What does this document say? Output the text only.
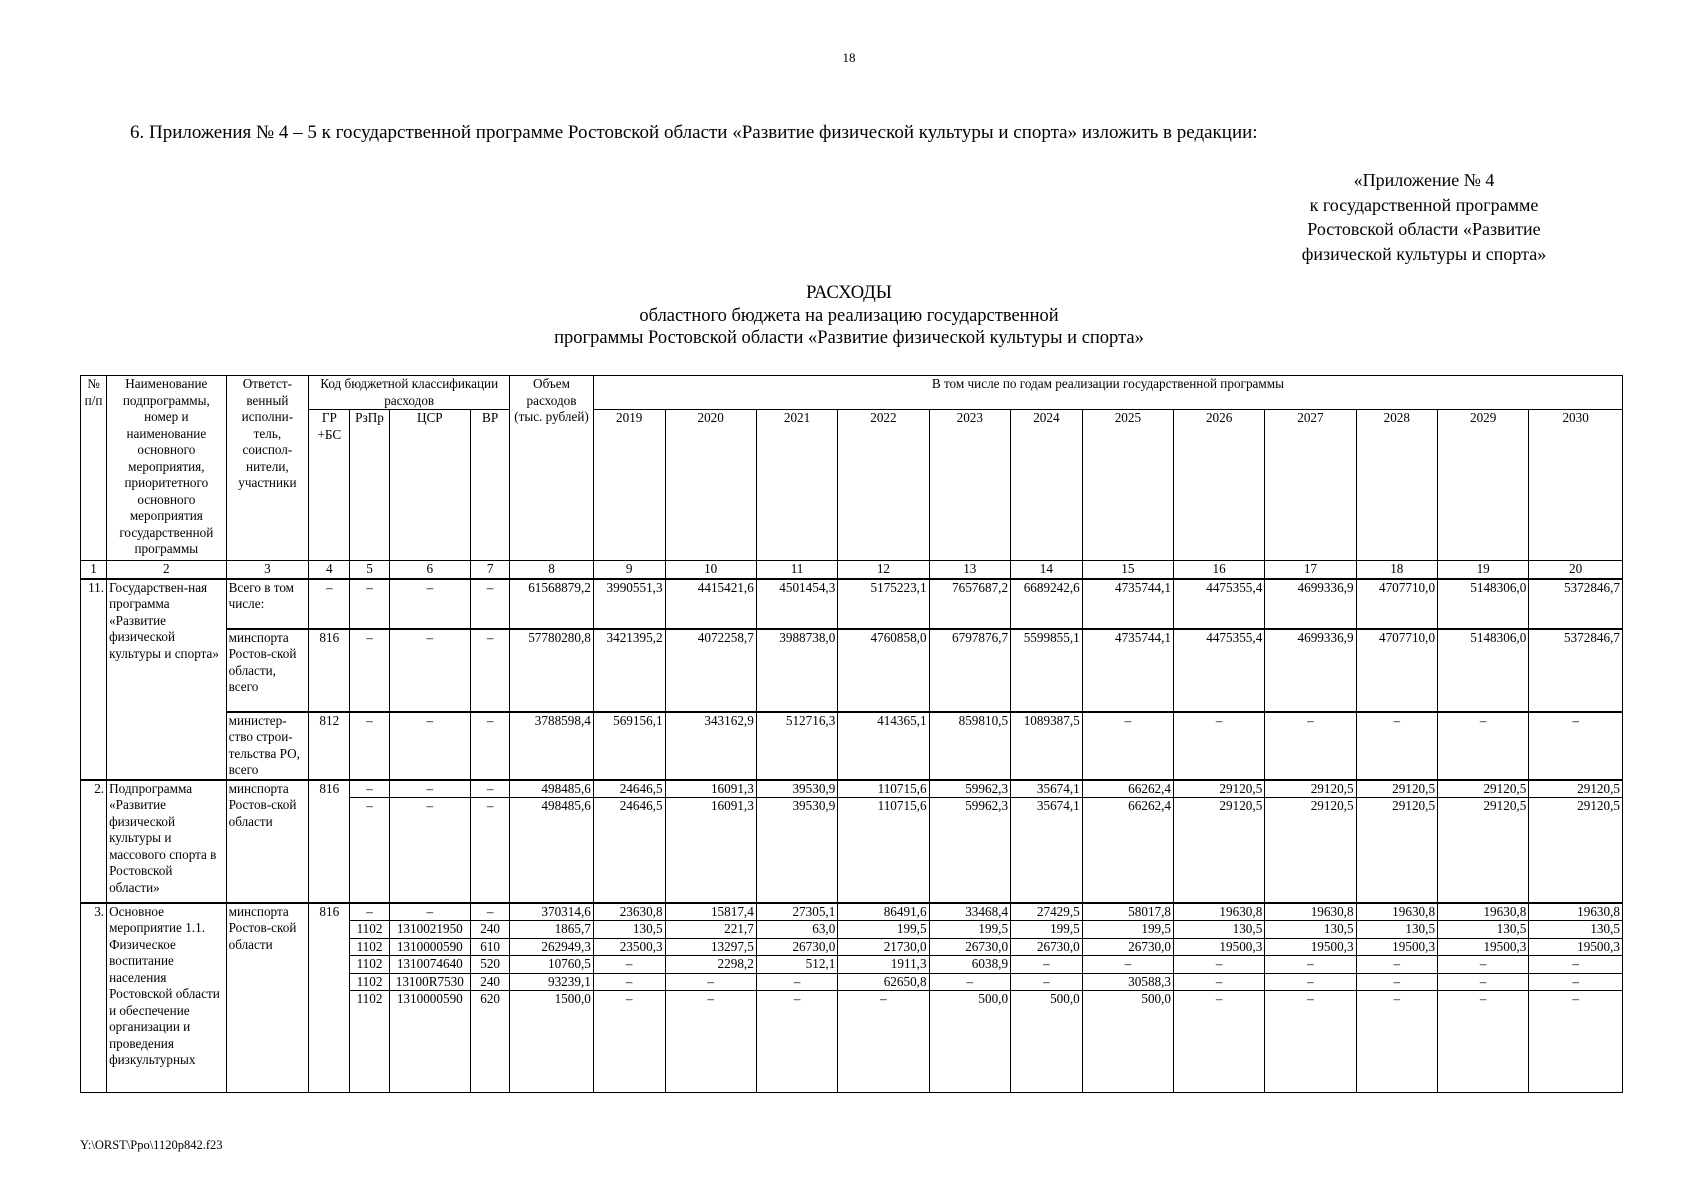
18
6. Приложения № 4 – 5 к государственной программе Ростовской области «Развитие физической культуры и спорта» изложить в редакции:
«Приложение № 4
к государственной программе
Ростовской области «Развитие
физической культуры и спорта»
РАСХОДЫ
областного бюджета на реализацию государственной
программы Ростовской области «Развитие физической культуры и спорта»
№ п/п	Наименование подпрограммы, номер и наименование основного мероприятия, приоритетного основного мероприятия государственной программы	Ответст-венный исполни-тель, соиспол-нители, участники	Код бюджетной классификации расходов				Объем расходов (тыс. рублей)	В том числе по годам реализации государственной программы											
			ГР +БС	РзПр	ЦСР	ВР		2019	2020	2021	2022	2023	2024	2025	2026	2027	2028	2029	2030
1	2	3	4	5	6	7	8	9	10	11	12	13	14	15	16	17	18	19	20
11.	Государствен-ная программа «Развитие физической культуры и спорта»	Всего в том числе:	–	–	–	–	61568879,2	3990551,3	4415421,6	4501454,3	5175223,1	7657687,2	6689242,6	4735744,1	4475355,4	4699336,9	4707710,0	5148306,0	5372846,7
		минспорта Ростов-ской области, всего	816	–	–	–	57780280,8	3421395,2	4072258,7	3988738,0	4760858,0	6797876,7	5599855,1	4735744,1	4475355,4	4699336,9	4707710,0	5148306,0	5372846,7
		министер-ство строи-тельства РО, всего	812	–	–	–	3788598,4	569156,1	343162,9	512716,3	414365,1	859810,5	1089387,5	–	–	–	–	–	–
2.	Подпрограмма «Развитие физической культуры и массового спорта в Ростовской области»	минспорта Ростов-ской области	816	–	–	–	498485,6	24646,5	16091,3	39530,9	110715,6	59962,3	35674,1	66262,4	29120,5	29120,5	29120,5	29120,5	29120,5
				–	–	–	498485,6	24646,5	16091,3	39530,9	110715,6	59962,3	35674,1	66262,4	29120,5	29120,5	29120,5	29120,5	29120,5
3.	Основное мероприятие 1.1. Физическое воспитание населения Ростовской области и обеспечение организации и проведения физкультурных	минспорта Ростов-ской области	816	–	–	–	370314,6	23630,8	15817,4	27305,1	86491,6	33468,4	27429,5	58017,8	19630,8	19630,8	19630,8	19630,8	19630,8
				1102	1310021950	240	1865,7	130,5	221,7	63,0	199,5	199,5	199,5	199,5	130,5	130,5	130,5	130,5	130,5
				1102	1310000590	610	262949,3	23500,3	13297,5	26730,0	21730,0	26730,0	26730,0	26730,0	19500,3	19500,3	19500,3	19500,3	19500,3
				1102	1310074640	520	10760,5	–	2298,2	512,1	1911,3	6038,9	–	–	–	–	–	–	–
				1102	13100R7530	240	93239,1	–	–	–	62650,8	–	–	30588,3	–	–	–	–	–
				1102	1310000590	620	1500,0	–	–	–	–	500,0	500,0	500,0	–	–	–	–	–
Y:\ORST\Ppo\1120p842.f23
